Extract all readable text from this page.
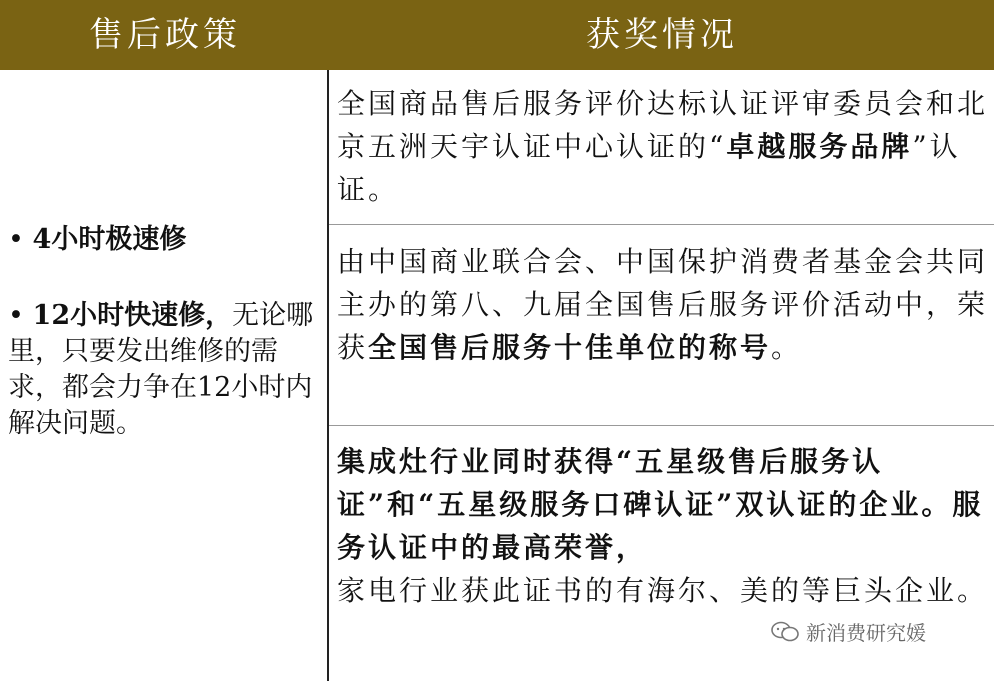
售后政策	获奖情况

• 4小时极速修

• 12小时快速修，无论哪里，只要发出维修的需求，都会力争在12小时内解决问题。

全国商品售后服务评价达标认证评审委员会和北京五洲天宇认证中心认证的“卓越服务品牌”认证。

由中国商业联合会、中国保护消费者基金会共同主办的第八、九届全国售后服务评价活动中，荣获全国售后服务十佳单位的称号。

集成灶行业同时获得“五星级售后服务认证”和“五星级服务口碑认证”双认证的企业。服务认证中的最高荣誉，

家电行业获此证书的有海尔、美的等巨头企业。

新消费研究媛
